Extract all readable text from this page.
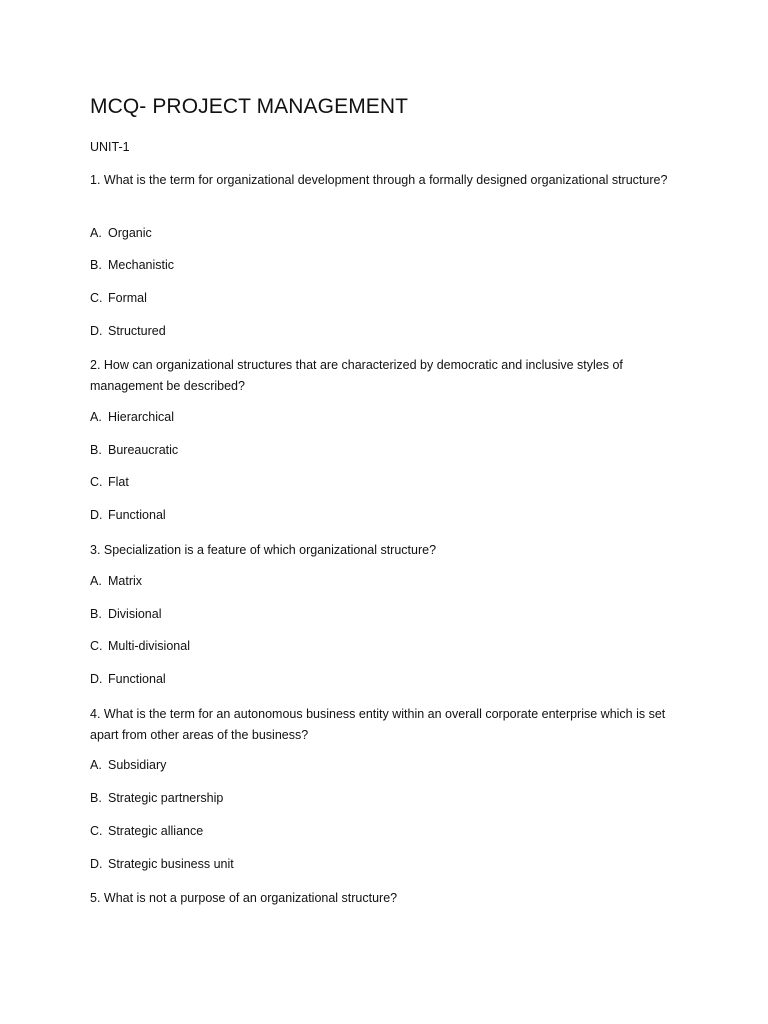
MCQ- PROJECT MANAGEMENT
UNIT-1
1. What is the term for organizational development through a formally designed organizational structure?
A. Organic
B. Mechanistic
C. Formal
D. Structured
2. How can organizational structures that are characterized by democratic and inclusive styles of management be described?
A. Hierarchical
B. Bureaucratic
C. Flat
D. Functional
3. Specialization is a feature of which organizational structure?
A. Matrix
B. Divisional
C. Multi-divisional
D. Functional
4. What is the term for an autonomous business entity within an overall corporate enterprise which is set apart from other areas of the business?
A. Subsidiary
B. Strategic partnership
C. Strategic alliance
D. Strategic business unit
5. What is not a purpose of an organizational structure?
